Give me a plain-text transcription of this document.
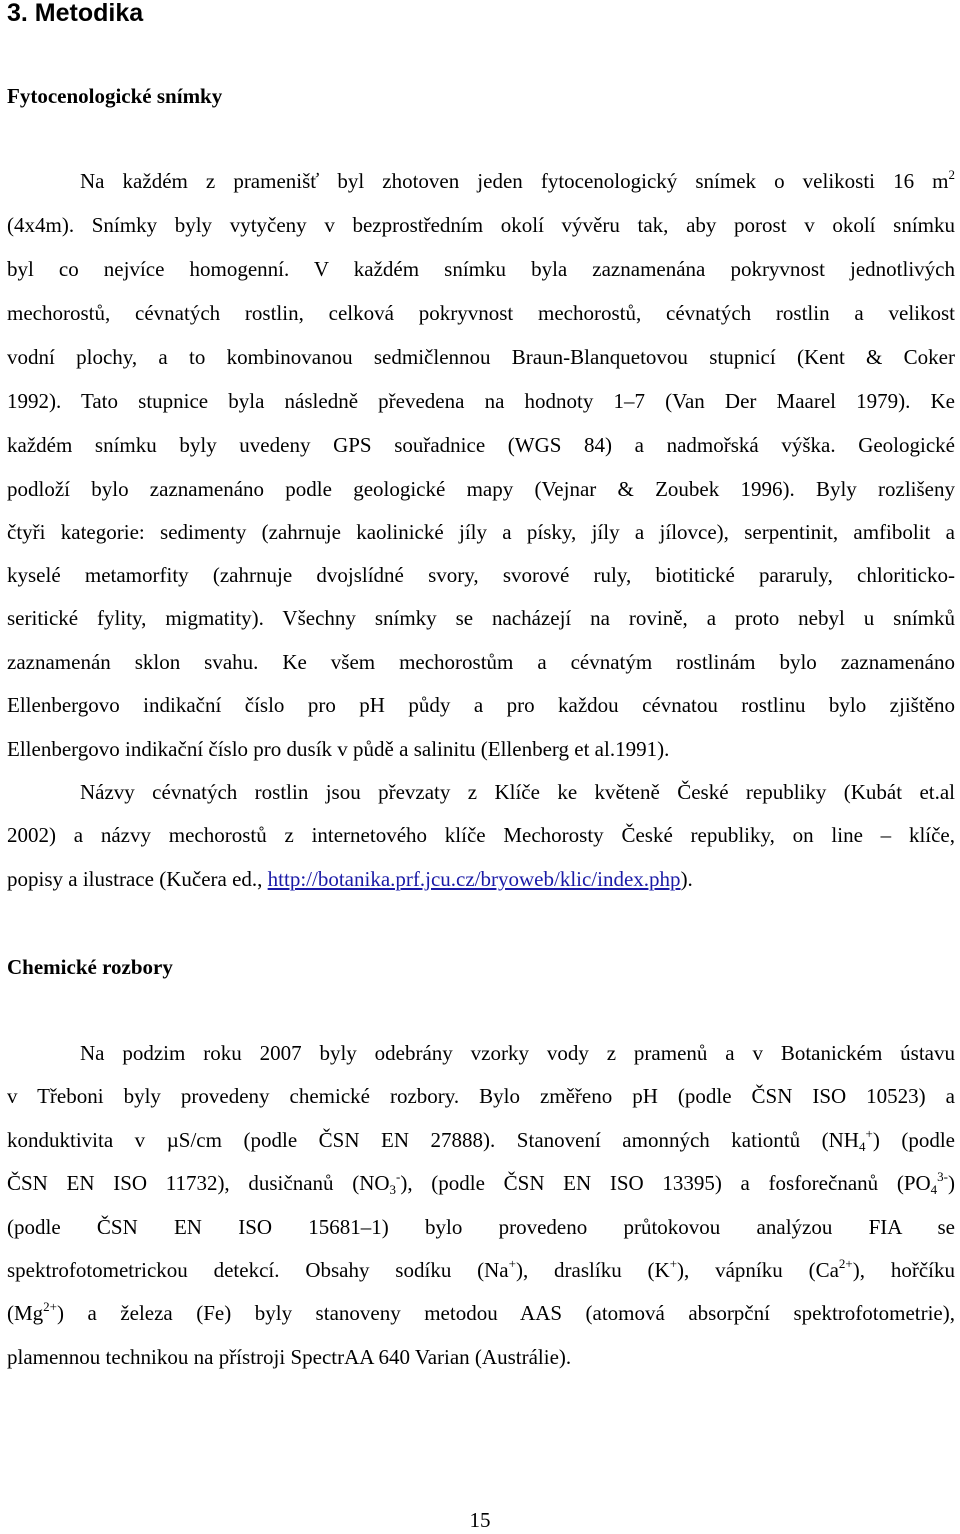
3. Metodika
Fytocenologické snímky
Na každém z pramenišť byl zhotoven jeden fytocenologický snímek o velikosti 16 $m^2$
(4x4m). Snímky byly vytyčeny v bezprostředním okolí vývěru tak, aby porost v okolí snímku
byl co nejvíce homogenní. V každém snímku byla zaznamenána pokryvnost jednotlivých
mechorostů, cévnatých rostlin, celková pokryvnost mechorostů, cévnatých rostlin a velikost
vodní plochy, a to kombinovanou sedmičlennou Braun-Blanquetovou stupnicí (Kent & Coker
1992). Tato stupnice byla následně převedena na hodnoty 1–7 (Van Der Maarel 1979). Ke
každém snímku byly uvedeny GPS souřadnice (WGS 84) a nadmořská výška. Geologické
podloží bylo zaznamenáno podle geologické mapy (Vejnar & Zoubek 1996). Byly rozlišeny
čtyři kategorie: sedimenty (zahrnuje kaolinické jíly a písky, jíly a jílovce), serpentinit, amfibolit a
kyselé metamorfity (zahrnuje dvojslídné svory, svorové ruly, biotitické pararuly, chloriticko-
seritické fylity, migmatity). Všechny snímky se nacházejí na rovině, a proto nebyl u snímků
zaznamenán sklon svahu. Ke všem mechorostům a cévnatým rostlinám bylo zaznamenáno
Ellenbergovo indikační číslo pro pH půdy a pro každou cévnatou rostlinu bylo zjištěno
Ellenbergovo indikační číslo pro dusík v půdě a salinitu (Ellenberg et al.1991).
Názvy cévnatých rostlin jsou převzaty z Klíče ke květeně České republiky (Kubát et.al
2002) a názvy mechorostů z internetového klíče Mechorosty České republiky, on line – klíče,
popisy a ilustrace (Kučera ed., http://botanika.prf.jcu.cz/bryoweb/klic/index.php).
Chemické rozbory
Na podzim roku 2007 byly odebrány vzorky vody z pramenů a v Botanickém ústavu
v Třeboni byly provedeny chemické rozbory. Bylo změřeno pH (podle ČSN ISO 10523) a
konduktivita v µS/cm (podle ČSN EN 27888). Stanovení amonných kationtů $(NH_4^+)$ (podle
ČSN EN ISO 11732), dusičnanů $(NO_3^-)$, (podle ČSN EN ISO 13395) a fosforečnanů $(PO_4^{3-})$
(podle ČSN EN ISO 15681–1) bylo provedeno průtokovou analýzou FIA se
spektrofotometrickou detekcí. Obsahy sodíku (Na+), draslíku (K+), vápníku $(Ca^{2+})$, hořčíku
$(Mg^{2+})$ a železa (Fe) byly stanoveny metodou AAS (atomová absorpční spektrofotometrie),
plamennou technikou na přístroji SpectrAA 640 Varian (Austrálie).
15
